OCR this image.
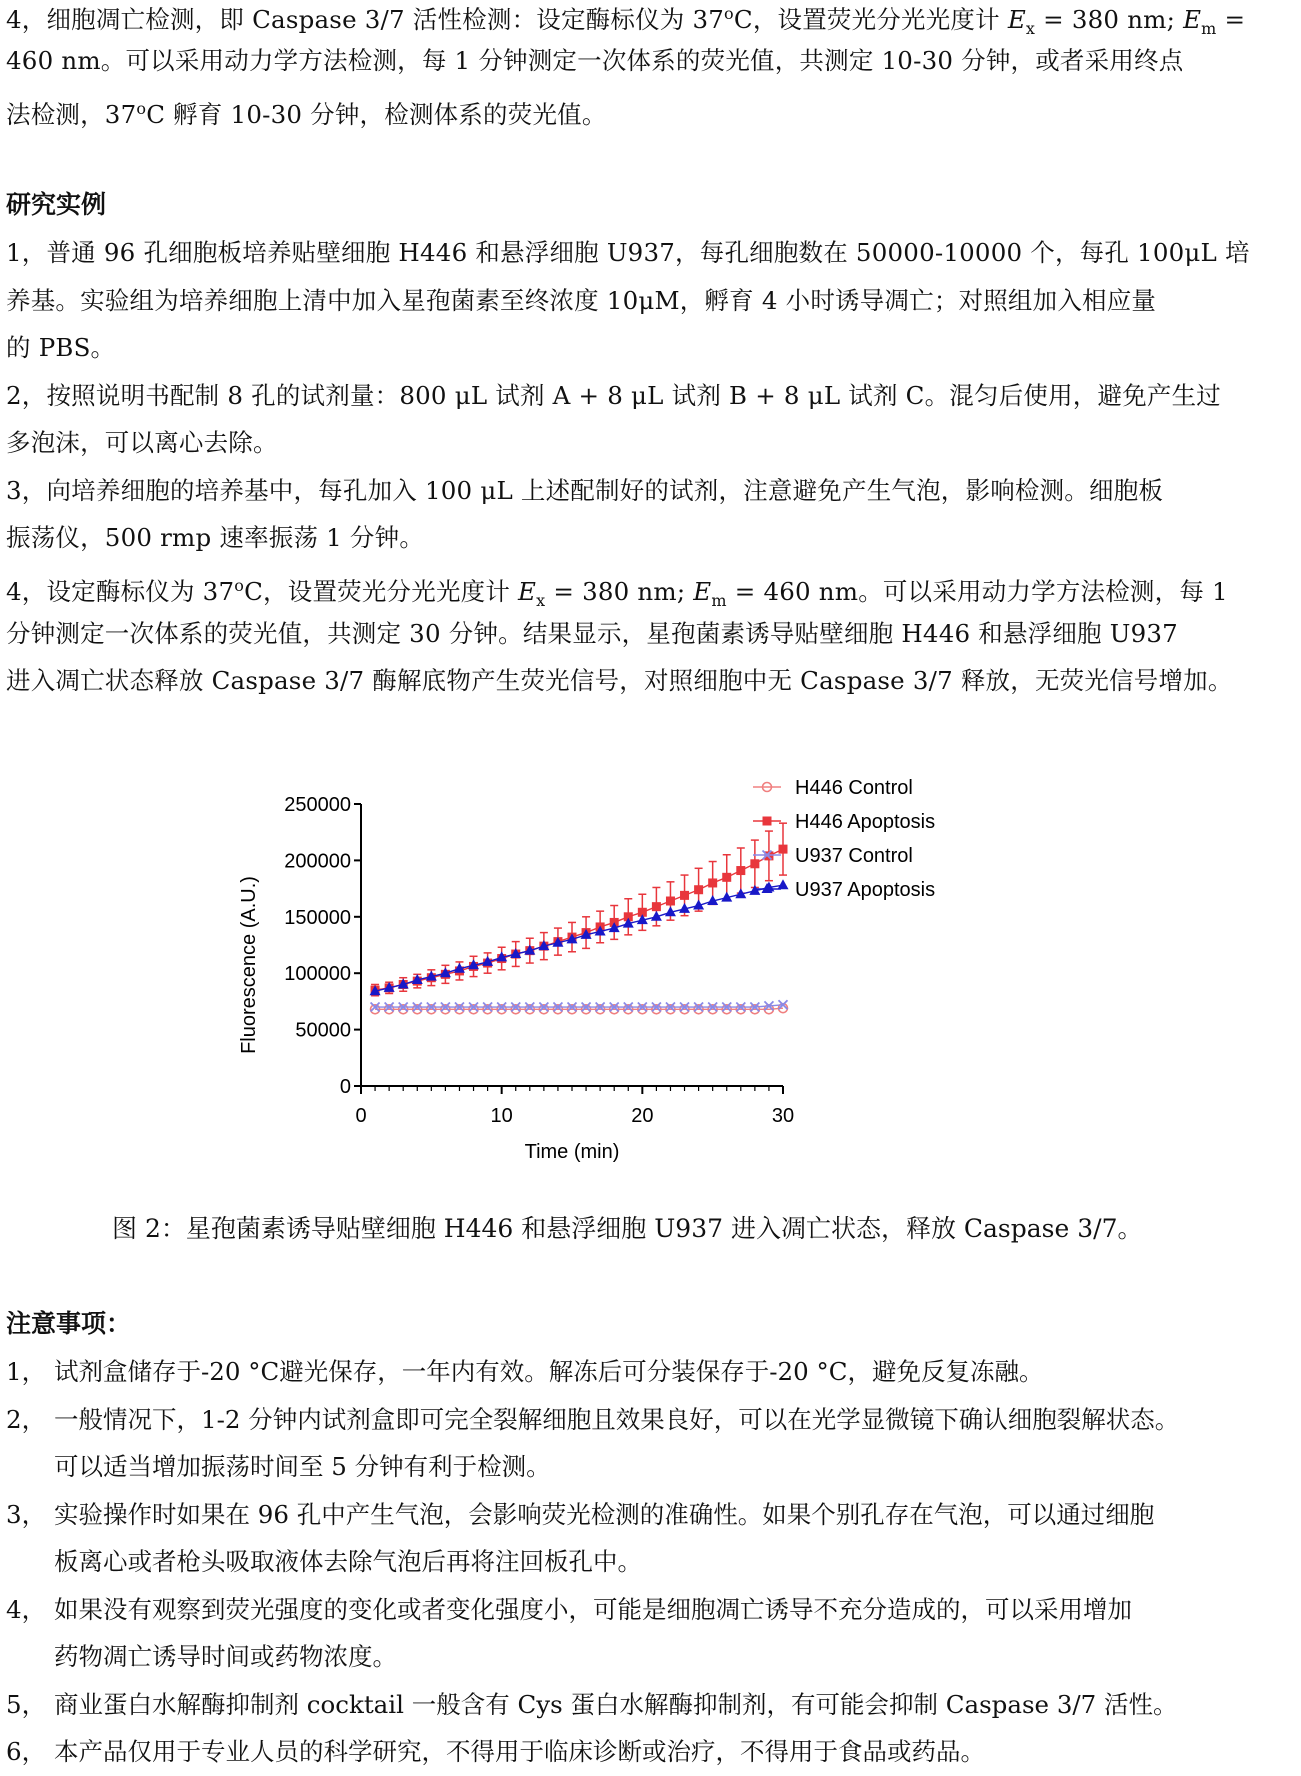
4，细胞凋亡检测，即 Caspase 3/7 活性检测：设定酶标仪为 37$^o$C，设置荧光分光光度计 $E_x = 380$ nm; $E_m$ =
460 nm。可以采用动力学方法检测，每 1 分钟测定一次体系的荧光值，共测定 10-30 分钟，或者采用终点
法检测，37$^o$C 孵育 10-30 分钟，检测体系的荧光值。
研究实例
1，普通 96 孔细胞板培养贴壁细胞 H446 和悬浮细胞 U937，每孔细胞数在 50000-10000 个，每孔 100μL 培
养基。实验组为培养细胞上清中加入星孢菌素至终浓度 10μM，孵育 4 小时诱导凋亡；对照组加入相应量
的 PBS。
2，按照说明书配制 8 孔的试剂量：800 μL 试剂 A + 8 μL 试剂 B + 8 μL 试剂 C。混匀后使用，避免产生过
多泡沫，可以离心去除。
3，向培养细胞的培养基中，每孔加入 100 μL 上述配制好的试剂，注意避免产生气泡，影响检测。细胞板
振荡仪，500 rmp 速率振荡 1 分钟。
4，设定酶标仪为 37$^o$C，设置荧光分光光度计 $E_x = 380$ nm; $E_m = 460$ nm。可以采用动力学方法检测，每 1
分钟测定一次体系的荧光值，共测定 30 分钟。结果显示，星孢菌素诱导贴壁细胞 H446 和悬浮细胞 U937
进入凋亡状态释放 Caspase 3/7 酶解底物产生荧光信号，对照细胞中无 Caspase 3/7 释放，无荧光信号增加。
0
50000
100000
150000
200000
250000
0	10	20	30
Time (min)
Fluorescence (A.U.)
H446 Control
H446 Apoptosis
U937 Control
U937 Apoptosis
图 2：星孢菌素诱导贴壁细胞 H446 和悬浮细胞 U937 进入凋亡状态，释放 Caspase 3/7。
注意事项：
1， 试剂盒储存于-20 °C避光保存，一年内有效。解冻后可分装保存于-20 °C，避免反复冻融。
2， 一般情况下，1-2 分钟内试剂盒即可完全裂解细胞且效果良好，可以在光学显微镜下确认细胞裂解状态。
可以适当增加振荡时间至 5 分钟有利于检测。
3， 实验操作时如果在 96 孔中产生气泡，会影响荧光检测的准确性。如果个别孔存在气泡，可以通过细胞
板离心或者枪头吸取液体去除气泡后再将注回板孔中。
4， 如果没有观察到荧光强度的变化或者变化强度小，可能是细胞凋亡诱导不充分造成的，可以采用增加
药物凋亡诱导时间或药物浓度。
5， 商业蛋白水解酶抑制剂 cocktail 一般含有 Cys 蛋白水解酶抑制剂，有可能会抑制 Caspase 3/7 活性。
6， 本产品仅用于专业人员的科学研究，不得用于临床诊断或治疗，不得用于食品或药品。
